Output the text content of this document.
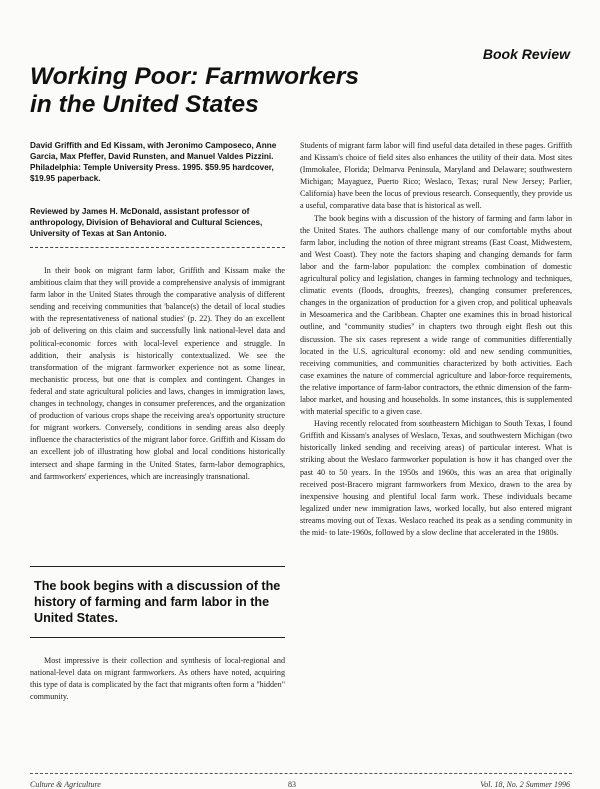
Book Review
Working Poor: Farmworkers in the United States

David Griffith and Ed Kissam, with Jeronimo Camposeco, Anne Garcia, Max Pfeffer, David Runsten, and Manuel Valdes Pizzini. Philadelphia: Temple University Press. 1995. $59.95 hardcover, $19.95 paperback.

Reviewed by James H. McDonald, assistant professor of anthropology, Division of Behavioral and Cultural Sciences, University of Texas at San Antonio.

In their book on migrant farm labor, Griffith and Kissam make the ambitious claim that they will provide a comprehensive analysis of immigrant farm labor in the United States through the comparative analysis of different sending and receiving communities that 'balance(s) the detail of local studies with the representativeness of national studies' (p. 22). They do an excellent job of delivering on this claim and successfully link national-level data and political-economic forces with local-level experience and struggle. In addition, their analysis is historically contextualized. We see the transformation of the migrant farmworker experience not as some linear, mechanistic process, but one that is complex and contingent. Changes in federal and state agricultural policies and laws, changes in immigration laws, changes in technology, changes in consumer preferences, and the organization of production of various crops shape the receiving area's opportunity structure for migrant workers. Conversely, conditions in sending areas also deeply influence the characteristics of the migrant labor force. Griffith and Kissam do an excellent job of illustrating how global and local conditions historically intersect and shape farming in the United States, farm-labor demographics, and farmworkers' experiences, which are increasingly transnational.

The book begins with a discussion of the history of farming and farm labor in the United States.

Most impressive is their collection and synthesis of local-regional and national-level data on migrant farmworkers. As others have noted, acquiring this type of data is complicated by the fact that migrants often form a "hidden" community.

Students of migrant farm labor will find useful data detailed in these pages. Griffith and Kissam's choice of field sites also enhances the utility of their data. Most sites (Immokalee, Florida; Delmarva Peninsula, Maryland and Delaware; southwestern Michigan; Mayaguez, Puerto Rico; Weslaco, Texas; rural New Jersey; Parlier, California) have been the locus of previous research. Consequently, they provide us a useful, comparative data base that is historical as well.

The book begins with a discussion of the history of farming and farm labor in the United States. The authors challenge many of our comfortable myths about farm labor, including the notion of three migrant streams (East Coast, Midwestern, and West Coast). They note the factors shaping and changing demands for farm labor and the farm-labor population: the complex combination of domestic agricultural policy and legislation, changes in farming technology and techniques, climatic events (floods, droughts, freezes), changing consumer preferences, changes in the organization of production for a given crop, and political upheavals in Mesoamerica and the Caribbean. Chapter one examines this in broad historical outline, and "community studies" in chapters two through eight flesh out this discussion. The six cases represent a wide range of communities differentially located in the U.S. agricultural economy: old and new sending communities, receiving communities, and communities characterized by both activities. Each case examines the nature of commercial agriculture and labor-force requirements, the relative importance of farm-labor contractors, the ethnic dimension of the farm-labor market, and housing and households. In some instances, this is supplemented with material specific to a given case.

Having recently relocated from southeastern Michigan to South Texas, I found Griffith and Kissam's analyses of Weslaco, Texas, and southwestern Michigan (two historically linked sending and receiving areas) of particular interest. What is striking about the Weslaco farmworker population is how it has changed over the past 40 to 50 years. In the 1950s and 1960s, this was an area that originally received post-Bracero migrant farmworkers from Mexico, drawn to the area by inexpensive housing and plentiful local farm work. These individuals became legalized under new immigration laws, worked locally, but also entered migrant streams moving out of Texas. Weslaco reached its peak as a sending community in the mid- to late-1960s, followed by a slow decline that accelerated in the 1980s.

Culture & Agriculture	83	Vol. 18, No. 2 Summer 1996
